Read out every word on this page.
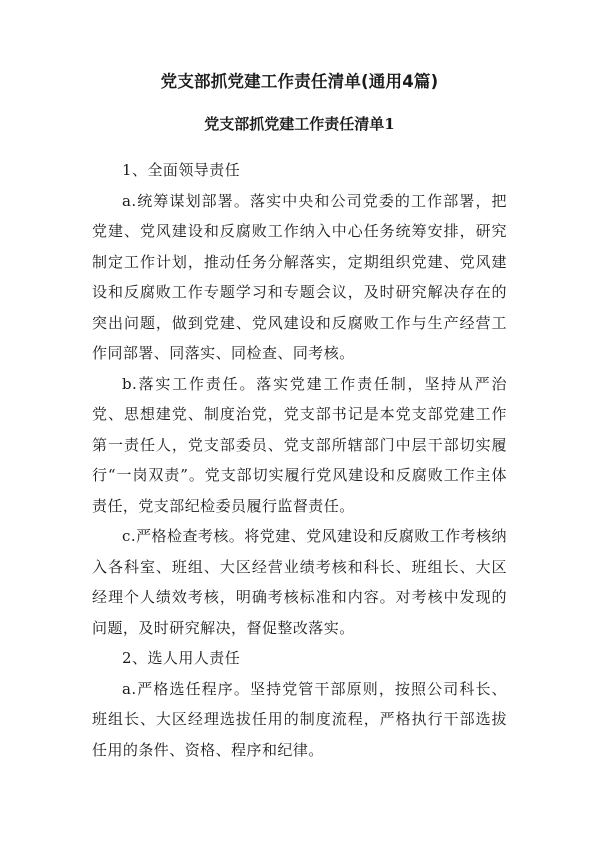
党支部抓党建工作责任清单(通用4篇)
党支部抓党建工作责任清单1

1、全面领导责任

a.统筹谋划部署。落实中央和公司党委的工作部署，把党建、党风建设和反腐败工作纳入中心任务统筹安排，研究制定工作计划，推动任务分解落实，定期组织党建、党风建设和反腐败工作专题学习和专题会议，及时研究解决存在的突出问题，做到党建、党风建设和反腐败工作与生产经营工作同部署、同落实、同检查、同考核。

b.落实工作责任。落实党建工作责任制，坚持从严治党、思想建党、制度治党，党支部书记是本党支部党建工作第一责任人，党支部委员、党支部所辖部门中层干部切实履行“一岗双责”。党支部切实履行党风建设和反腐败工作主体责任，党支部纪检委员履行监督责任。

c.严格检查考核。将党建、党风建设和反腐败工作考核纳入各科室、班组、大区经营业绩考核和科长、班组长、大区经理个人绩效考核，明确考核标准和内容。对考核中发现的问题，及时研究解决，督促整改落实。

2、选人用人责任

a.严格选任程序。坚持党管干部原则，按照公司科长、班组长、大区经理选拔任用的制度流程，严格执行干部选拔任用的条件、资格、程序和纪律。
